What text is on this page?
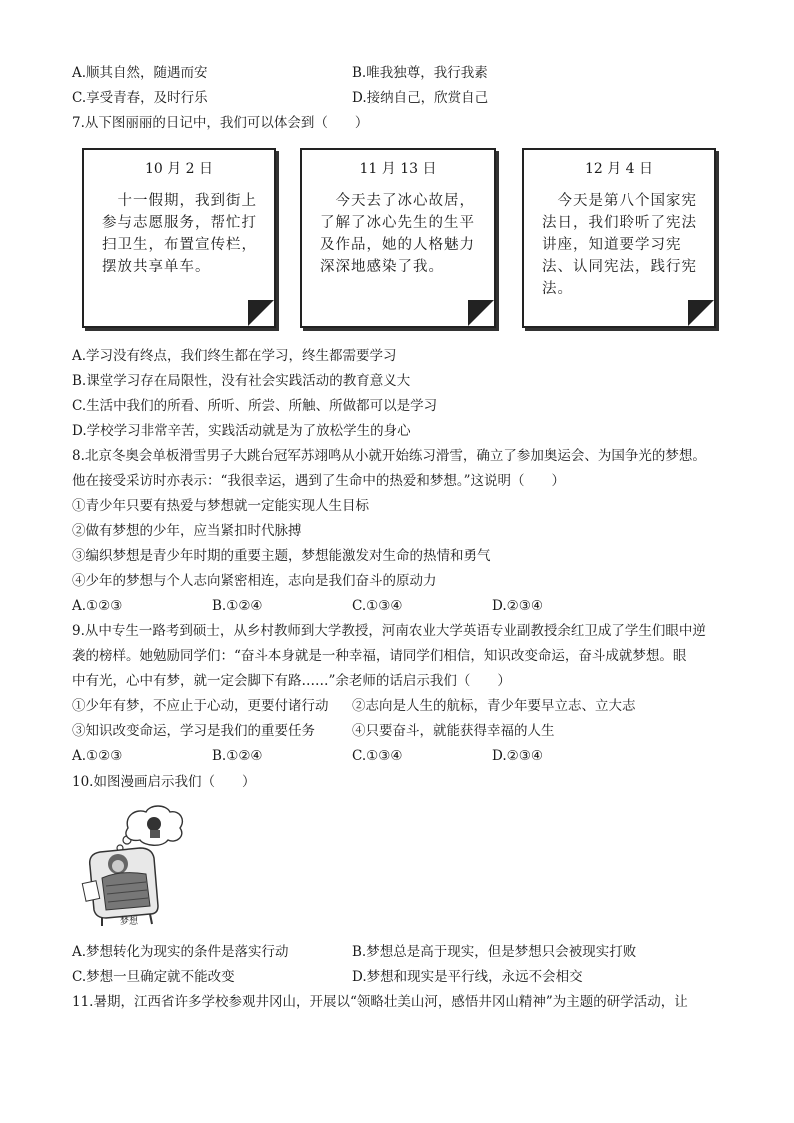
A.顺其自然，随遇而安	B.唯我独尊，我行我素
C.享受青春，及时行乐	D.接纳自己，欣赏自己
7.从下图丽丽的日记中，我们可以体会到（　　）
10 月 2 日
　十一假期，我到街上参与志愿服务，帮忙打扫卫生，布置宣传栏，摆放共享单车。
11 月 13 日
　今天去了冰心故居，了解了冰心先生的生平及作品，她的人格魅力深深地感染了我。
12 月 4 日
　今天是第八个国家宪法日，我们聆听了宪法讲座，知道要学习宪法、认同宪法，践行宪法。
A.学习没有终点，我们终生都在学习，终生都需要学习
B.课堂学习存在局限性，没有社会实践活动的教育意义大
C.生活中我们的所看、所听、所尝、所触、所做都可以是学习
D.学校学习非常辛苦，实践活动就是为了放松学生的身心
8.北京冬奥会单板滑雪男子大跳台冠军苏翊鸣从小就开始练习滑雪，确立了参加奥运会、为国争光的梦想。
他在接受采访时亦表示：“我很幸运，遇到了生命中的热爱和梦想。”这说明（　　）
①青少年只要有热爱与梦想就一定能实现人生目标
②做有梦想的少年，应当紧扣时代脉搏
③编织梦想是青少年时期的重要主题，梦想能激发对生命的热情和勇气
④少年的梦想与个人志向紧密相连，志向是我们奋斗的原动力
A.①②③	B.①②④	C.①③④	D.②③④
9.从中专生一路考到硕士，从乡村教师到大学教授，河南农业大学英语专业副教授余红卫成了学生们眼中逆
袭的榜样。她勉励同学们：“奋斗本身就是一种幸福，请同学们相信，知识改变命运，奋斗成就梦想。眼
中有光，心中有梦，就一定会脚下有路……”余老师的话启示我们（　　）
①少年有梦，不应止于心动，更要付诸行动 ②志向是人生的航标，青少年要早立志、立大志
③知识改变命运，学习是我们的重要任务	④只要奋斗，就能获得幸福的人生
A.①②③	B.①②④	C.①③④	D.②③④
10.如图漫画启示我们（　　）
梦想
A.梦想转化为现实的条件是落实行动	B.梦想总是高于现实，但是梦想只会被现实打败
C.梦想一旦确定就不能改变	D.梦想和现实是平行线，永远不会相交
11.暑期，江西省许多学校参观井冈山，开展以“领略壮美山河，感悟井冈山精神”为主题的研学活动，让
